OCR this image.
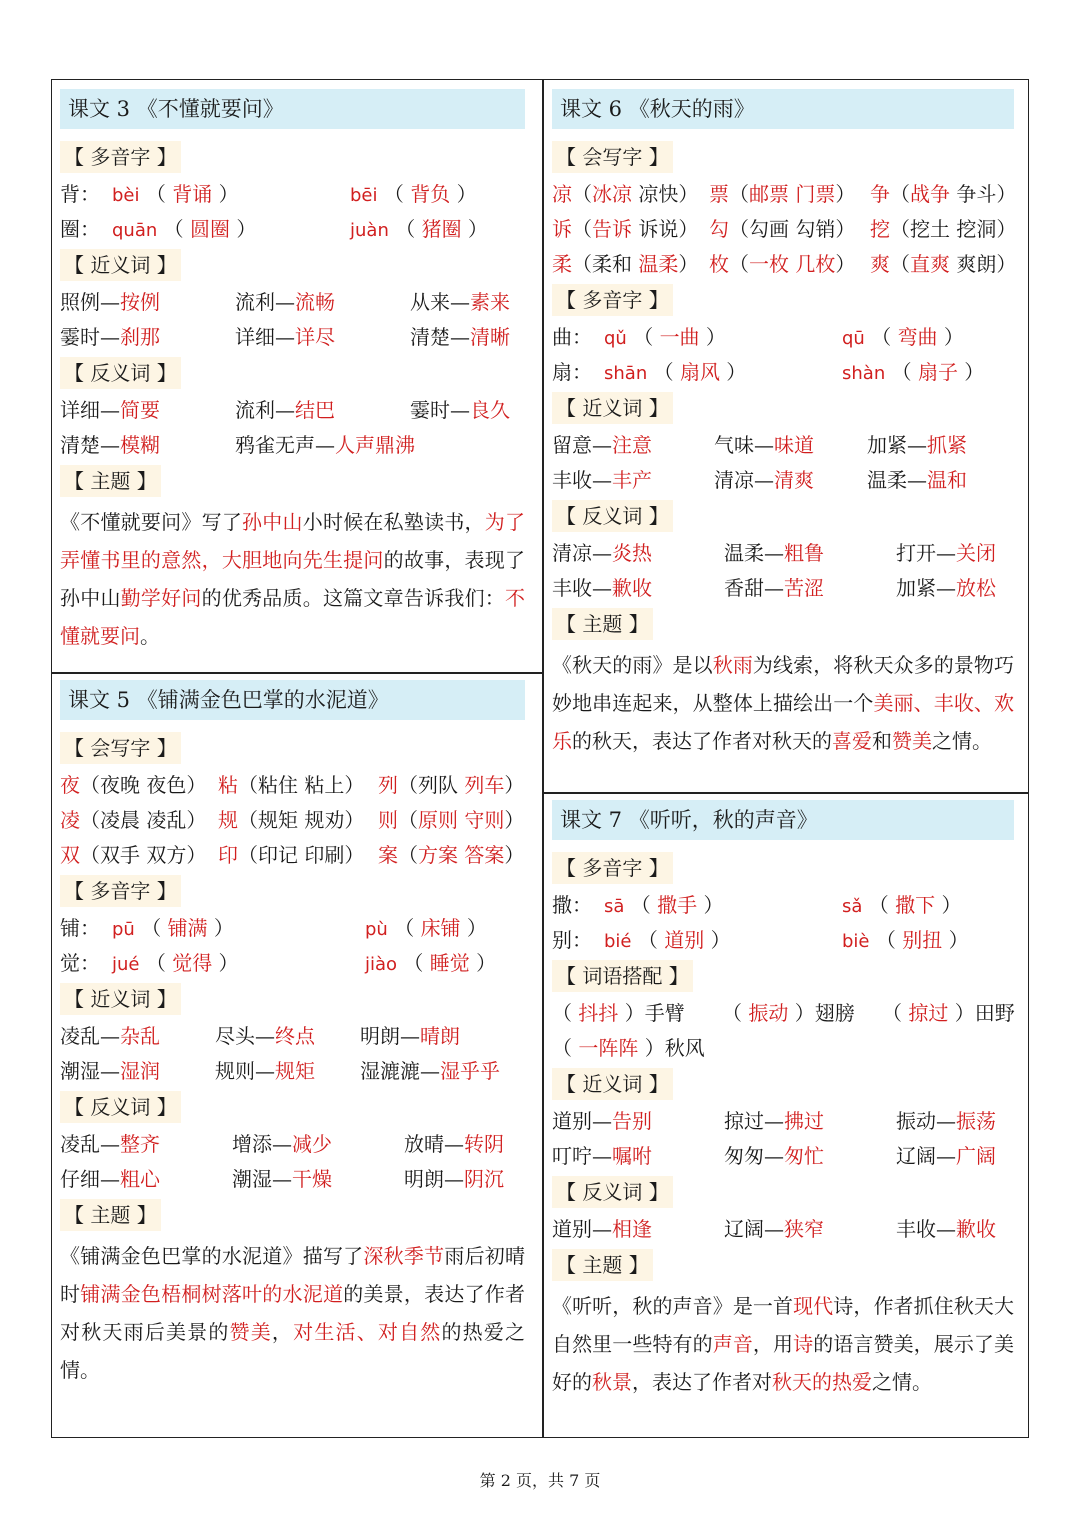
课文 3 《不懂就要问》
【 多音字 】
背： bèi （ 背诵 ）	bēi （ 背负 ）
圈： quān （ 圆圈 ）	juàn （ 猪圈 ）
【 近义词 】
照例—按例	流利—流畅	从来—素来
霎时—刹那	详细—详尽	清楚—清晰
【 反义词 】
详细—简要	流利—结巴	霎时—良久
清楚—模糊	鸦雀无声—人声鼎沸
【 主题 】
《不懂就要问》写了孙中山小时候在私塾读书，为了弄懂书里的意然，大胆地向先生提问的故事，表现了孙中山勤学好问的优秀品质。这篇文章告诉我们：不懂就要问。
课文 5 《铺满金色巴掌的水泥道》
【 会写字 】
夜（夜晚 夜色） 粘（粘住 粘上） 列（列队 列车）
凌（凌晨 凌乱） 规（规矩 规劝） 则（原则 守则）
双（双手 双方） 印（印记 印刷） 案（方案 答案）
【 多音字 】
铺： pū （ 铺满 ）	pù （ 床铺 ）
觉： jué （ 觉得 ）	jiào （ 睡觉 ）
【 近义词 】
凌乱—杂乱	尽头—终点 明朗—晴朗
潮湿—湿润	规则—规矩 湿漉漉—湿乎乎
【 反义词 】
凌乱—整齐	增添—减少	放晴—转阴
仔细—粗心	潮湿—干燥	明朗—阴沉
【 主题 】
《铺满金色巴掌的水泥道》描写了深秋季节雨后初晴时铺满金色梧桐树落叶的水泥道的美景，表达了作者对秋天雨后美景的赞美，对生活、对自然的热爱之情。
课文 6 《秋天的雨》
【 会写字 】
凉（冰凉 凉快） 票（邮票 门票） 争（战争 争斗）
诉（告诉 诉说） 勾（勾画 勾销） 挖（挖土 挖洞）
柔（柔和 温柔） 枚（一枚 几枚） 爽（直爽 爽朗）
【 多音字 】
曲： qǔ （ 一曲 ）	qū （ 弯曲 ）
扇： shān （ 扇风 ）	shàn （ 扇子 ）
【 近义词 】
留意—注意	气味—味道	加紧—抓紧
丰收—丰产	清凉—清爽	温柔—温和
【 反义词 】
清凉—炎热	温柔—粗鲁	打开—关闭
丰收—歉收	香甜—苦涩	加紧—放松
【 主题 】
《秋天的雨》是以秋雨为线索，将秋天众多的景物巧妙地串连起来，从整体上描绘出一个美丽、丰收、欢乐的秋天，表达了作者对秋天的喜爱和赞美之情。
课文 7 《听听，秋的声音》
【 多音字 】
撒： sā （ 撒手 ）	sǎ （ 撒下 ）
别： bié （ 道别 ）	biè （ 别扭 ）
【 词语搭配 】
（ 抖抖 ）手臂 （ 振动 ）翅膀 （ 掠过 ）田野
（ 一阵阵 ）秋风
【 近义词 】
道别—告别	掠过—拂过	振动—振荡
叮咛—嘱咐	匆匆—匆忙	辽阔—广阔
【 反义词 】
道别—相逢	辽阔—狭窄	丰收—歉收
【 主题 】
《听听，秋的声音》是一首现代诗，作者抓住秋天大自然里一些特有的声音，用诗的语言赞美，展示了美好的秋景，表达了作者对秋天的热爱之情。
第 2 页，共 7 页
